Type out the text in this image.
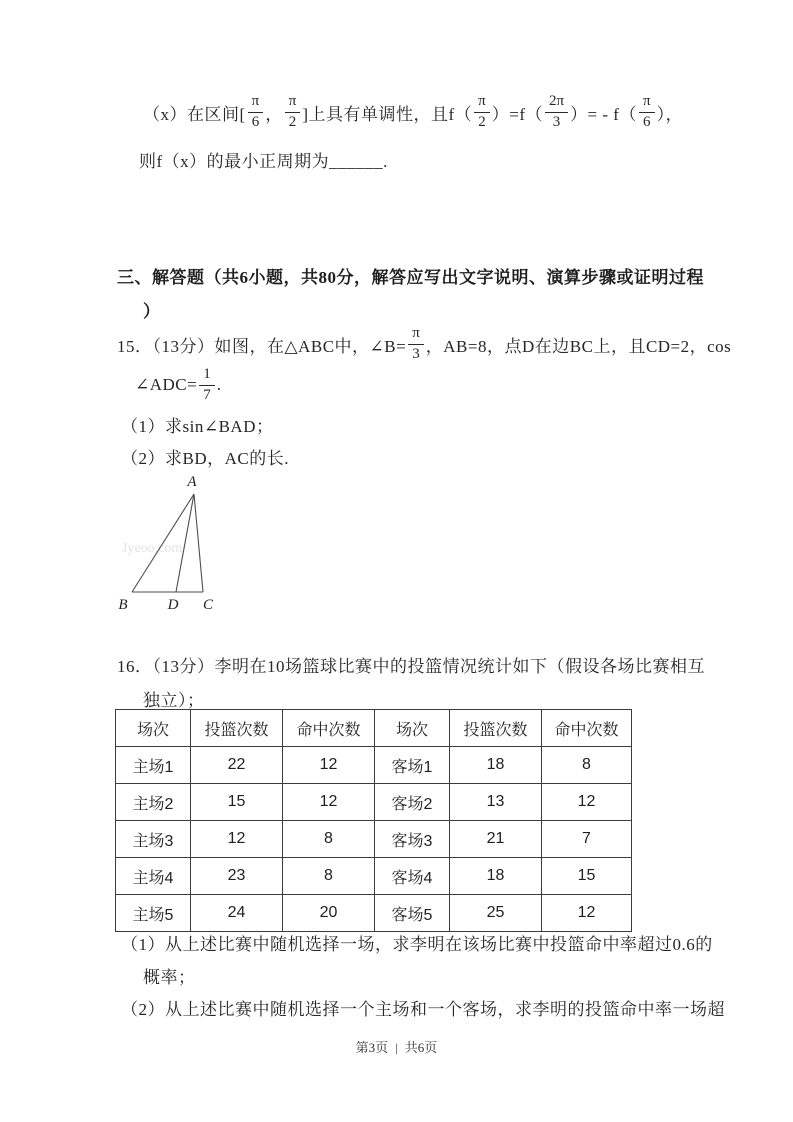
（x）在区间[ $\frac{\pi}{6}$ ， $\frac{\pi}{2}$ ]上具有单调性，且$f( \frac{\pi}{2} )=f( \frac{2\pi}{3}$ ）= - $f( \frac{\pi}{6}$ ），
则f（x）的最小正周期为______.
三、解答题（共6小题，共80分，解答应写出文字说明、演算步骤或证明过程
）
15．（13分）如图，在△ABC中，∠B= $\frac{\pi}{3}$ ，AB=8，点D在边BC上，且CD=2，cos
∠ADC= $\frac{1}{7}$ .
（1）求sin∠BAD；
（2）求BD，AC的长.
Jyeoo.com
A
B	D C
16．（13分）李明在10场篮球比赛中的投篮情况统计如下（假设各场比赛相互
独立）；
场次	投篮次数	命中次数	场次	投篮次数	命中次数
主场1	22	12	客场1	18	8
主场2	15	12	客场2	13	12
主场3	12	8	客场3	21	7
主场4	23	8	客场4	18	15
主场5	24	20	客场5	25	12
（1）从上述比赛中随机选择一场，求李明在该场比赛中投篮命中率超过0.6的
概率；
（2）从上述比赛中随机选择一个主场和一个客场，求李明的投篮命中率一场超
第3页 | 共6页
